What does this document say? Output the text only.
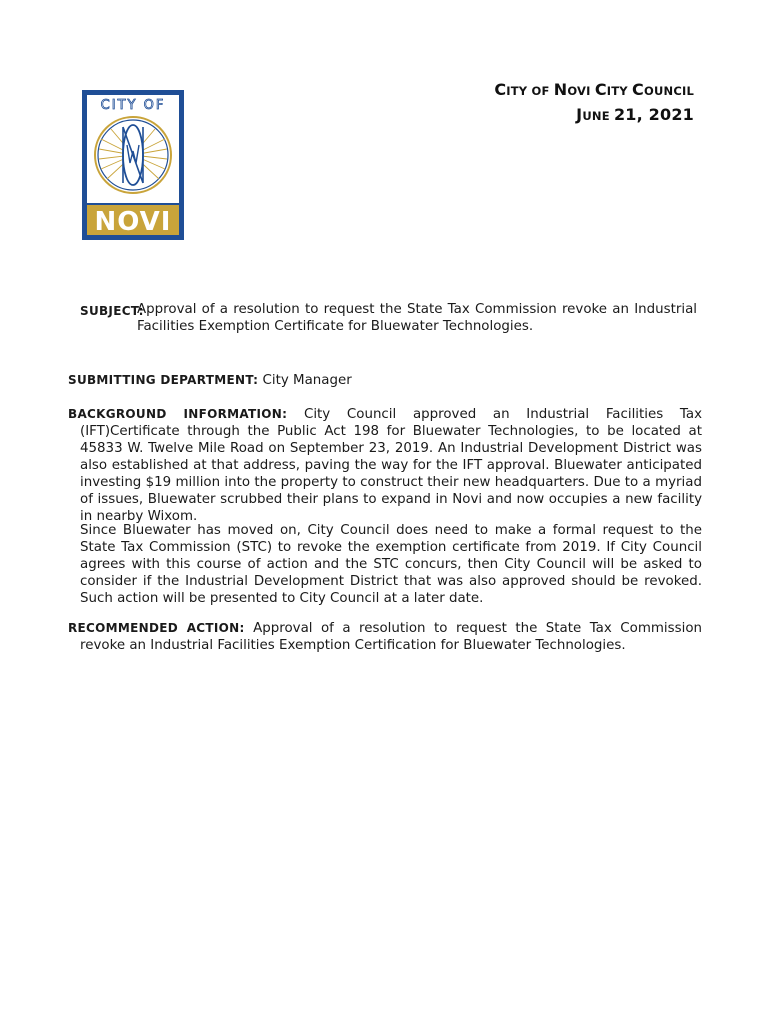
CITY OF
NOVI
CITY OF NOVI CITY COUNCIL
JUNE 21, 2021
SUBJECT:
Approval of a resolution to request the State Tax Commission revoke an Industrial Facilities Exemption Certificate for Bluewater Technologies.
SUBMITTING DEPARTMENT: City Manager
BACKGROUND INFORMATION: City Council approved an Industrial Facilities Tax (IFT)Certificate through the Public Act 198 for Bluewater Technologies, to be located at 45833 W. Twelve Mile Road on September 23, 2019. An Industrial Development District was also established at that address, paving the way for the IFT approval. Bluewater anticipated investing $19 million into the property to construct their new headquarters. Due to a myriad of issues, Bluewater scrubbed their plans to expand in Novi and now occupies a new facility in nearby Wixom.

Since Bluewater has moved on, City Council does need to make a formal request to the State Tax Commission (STC) to revoke the exemption certificate from 2019. If City Council agrees with this course of action and the STC concurs, then City Council will be asked to consider if the Industrial Development District that was also approved should be revoked. Such action will be presented to City Council at a later date.

RECOMMENDED ACTION: Approval of a resolution to request the State Tax Commission revoke an Industrial Facilities Exemption Certification for Bluewater Technologies.
